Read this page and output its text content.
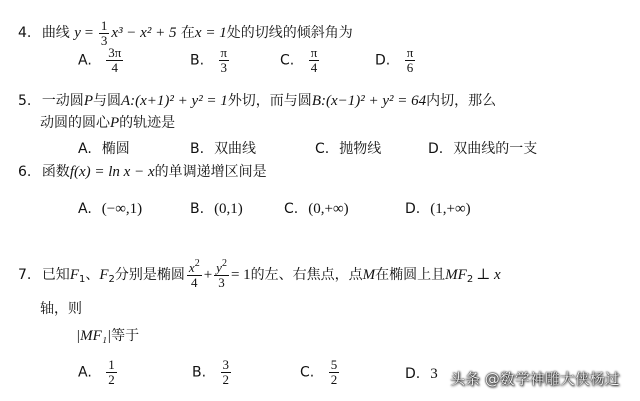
4. 曲线 $y = \frac{1}{3} x^3 - x^2 + 5$ 在x = 1处的切线的倾斜角为
A. $\frac{3\pi}{4}$	B. $\frac{\pi}{3}$	C. $\frac{\pi}{4}$	D. $\frac{\pi}{6}$
5. 一动圆P与圆A:(x+1)² + y² = 1外切，而与圆B:(x−1)² + y² = 64内切，那么
动圆的圆心P的轨迹是
A. 椭圆	B. 双曲线	C. 抛物线	D. 双曲线的一支
6. 函数f(x) = ln x − x的单调递增区间是
A. (−∞,1)	B. (0,1)	C. (0,+∞)	D. (1,+∞)
7. 已知$F_1$、$F_2$分别是椭圆 $\frac{x^2}{4} + \frac{y^2}{3} = 1$的左、右焦点，点M在椭圆上且$MF_2$ ⊥ x
轴，则
|MF₁|等于
A. $\frac{1}{2}$	B. $\frac{3}{2}$	C. $\frac{5}{2}$	D. 3 头条 @数学神雕大侠杨过
